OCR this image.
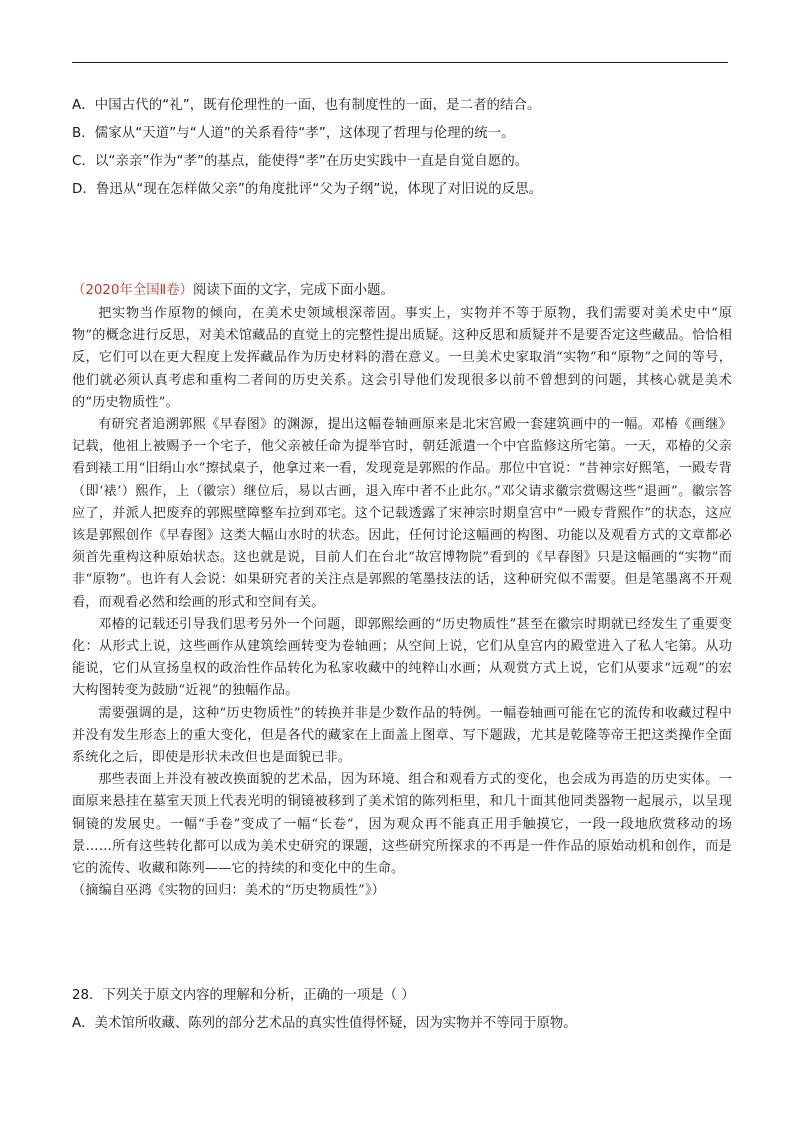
A．中国古代的“礼”，既有伦理性的一面，也有制度性的一面，是二者的结合。
B．儒家从“天道”与“人道”的关系看待“孝”，这体现了哲理与伦理的统一。
C．以“亲亲”作为“孝”的基点，能使得“孝”在历史实践中一直是自觉自愿的。
D．鲁迅从“现在怎样做父亲”的角度批评“父为子纲”说，体现了对旧说的反思。
（2020年全国Ⅱ卷）阅读下面的文字，完成下面小题。

把实物当作原物的倾向，在美术史领域根深蒂固。事实上，实物并不等于原物，我们需要对美术史中“原物”的概念进行反思，对美术馆藏品的直觉上的完整性提出质疑。这种反思和质疑并不是要否定这些藏品。恰恰相反，它们可以在更大程度上发挥藏品作为历史材料的潜在意义。一旦美术史家取消“实物”和“原物”之间的等号，他们就必须认真考虑和重构二者间的历史关系。这会引导他们发现很多以前不曾想到的问题，其核心就是美术的“历史物质性”。

有研究者追溯郭熙《早春图》的渊源，提出这幅卷轴画原来是北宋宫殿一套建筑画中的一幅。邓椿《画继》记载，他祖上被赐予一个宅子，他父亲被任命为提举官时，朝廷派遣一个中官监修这所宅第。一天，邓椿的父亲看到裱工用“旧绢山水”擦拭桌子，他拿过来一看，发现竟是郭熙的作品。那位中官说：“昔神宗好熙笔，一殿专背（即‘裱’）熙作，上（徽宗）继位后，易以古画，退入库中者不止此尔。”邓父请求徽宗赏赐这些“退画”。徽宗答应了，并派人把废弃的郭熙壁障整车拉到邓宅。这个记载透露了宋神宗时期皇宫中“一殿专背熙作”的状态，这应该是郭熙创作《早春图》这类大幅山水时的状态。因此，任何讨论这幅画的构图、功能以及观看方式的文章都必须首先重构这种原始状态。这也就是说，目前人们在台北“故宫博物院”看到的《早春图》只是这幅画的“实物”而非“原物”。也许有人会说：如果研究者的关注点是郭熙的笔墨技法的话，这种研究似不需要。但是笔墨离不开观看，而观看必然和绘画的形式和空间有关。

邓椿的记载还引导我们思考另外一个问题，即郭熙绘画的“历史物质性”甚至在徽宗时期就已经发生了重要变化：从形式上说，这些画作从建筑绘画转变为卷轴画；从空间上说，它们从皇宫内的殿堂进入了私人宅第。从功能说，它们从宣扬皇权的政治性作品转化为私家收藏中的纯粹山水画；从观赏方式上说，它们从要求“远观”的宏大构图转变为鼓励“近视”的独幅作品。

需要强调的是，这种“历史物质性”的转换并非是少数作品的特例。一幅卷轴画可能在它的流传和收藏过程中并没有发生形态上的重大变化，但是各代的藏家在上面盖上图章、写下题跋，尤其是乾隆等帝王把这类操作全面系统化之后，即使是形状未改但也是面貌已非。

那些表面上并没有被改换面貌的艺术品，因为环境、组合和观看方式的变化，也会成为再造的历史实体。一面原来悬挂在墓室天顶上代表光明的铜镜被移到了美术馆的陈列柜里，和几十面其他同类器物一起展示，以呈现铜镜的发展史。一幅“手卷”变成了一幅“长卷”，因为观众再不能真正用手触摸它，一段一段地欣赏移动的场景……所有这些转化都可以成为美术史研究的课题，这些研究所探求的不再是一件作品的原始动机和创作，而是它的流传、收藏和陈列——它的持续的和变化中的生命。

（摘编自巫鸿《实物的回归：美术的“历史物质性”》）

28．下列关于原文内容的理解和分析，正确的一项是（ ）
A．美术馆所收藏、陈列的部分艺术品的真实性值得怀疑，因为实物并不等同于原物。
